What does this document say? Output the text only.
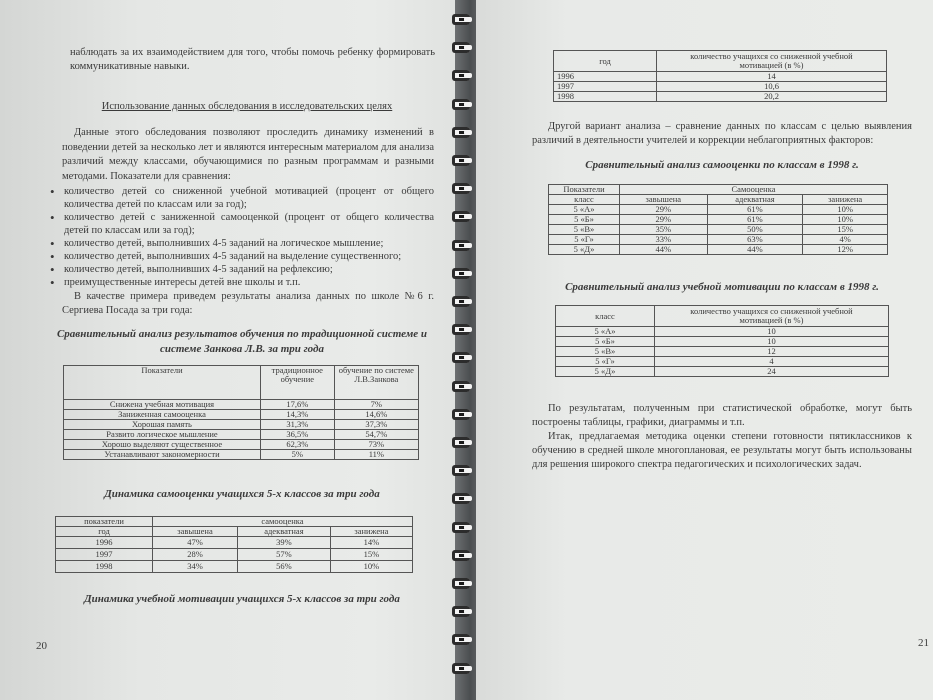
наблюдать за их взаимодействием для того, чтобы помочь ребенку формировать коммуникативные навыки.

Использование данных обследования в исследовательских целях

Данные этого обследования позволяют проследить динамику изменений в поведении детей за несколько лет и являются интересным материалом для анализа различий между классами, обучающимися по разным программам и разными методами. Показатели для сравнения:

• количество детей со сниженной учебной мотивацией (процент от общего количества детей по классам или за год);
• количество детей с заниженной самооценкой (процент от общего количества детей по классам или за год);
• количество детей, выполнивших 4-5 заданий на логическое мышление;
• количество детей, выполнивших 4-5 заданий на выделение существенного;
• количество детей, выполнивших 4-5 заданий на рефлексию;
• преимущественные интересы детей вне школы и т.п.

В качестве примера приведем результаты анализа данных по школе №6 г. Сергиева Посада за три года:

Сравнительный анализ результатов обучения по традиционной системе и системе Занкова Л.В. за три года

Показатели	традиционное обучение	обучение по системе Л.В.Занкова
Снижена учебная мотивация	17,6%	7%
Заниженная самооценка	14,3%	14,6%
Хорошая память	31,3%	37,3%
Развито логическое мышление	36,5%	54,7%
Хорошо выделяют существенное	62,3%	73%
Устанавливают закономерности	5%	11%

Динамика самооценки учащихся 5-х классов за три года

показатели	самооценка		
год	завышена	адекватная	занижена
1996	47%	39%	14%
1997	28%	57%	15%
1998	34%	56%	10%

Динамика учебной мотивации учащихся 5-х классов за три года

20
год	количество учащихся со сниженной учебной мотивацией (в %)
1996	14
1997	10,6
1998	20,2

Другой вариант анализа – сравнение данных по классам с целью выявления различий в деятельности учителей и коррекции неблагоприятных факторов:

Сравнительный анализ самооценки по классам в 1998 г.

Показатели	Самооценка		
класс	завышена	адекватная	занижена
5 «А»	29%	61%	10%
5 «Б»	29%	61%	10%
5 «В»	35%	50%	15%
5 «Г»	33%	63%	4%
5 «Д»	44%	44%	12%

Сравнительный анализ учебной мотивации по классам в 1998 г.

класс	количество учащихся со сниженной учебной мотивацией (в %)
5 «А»	10
5 «Б»	10
5 «В»	12
5 «Г»	4
5 «Д»	24

По результатам, полученным при статистической обработке, могут быть построены таблицы, графики, диаграммы и т.п.

Итак, предлагаемая методика оценки степени готовности пятиклассников к обучению в средней школе многоплановая, ее результаты могут быть использованы для решения широкого спектра педагогических и психологических задач.

21
